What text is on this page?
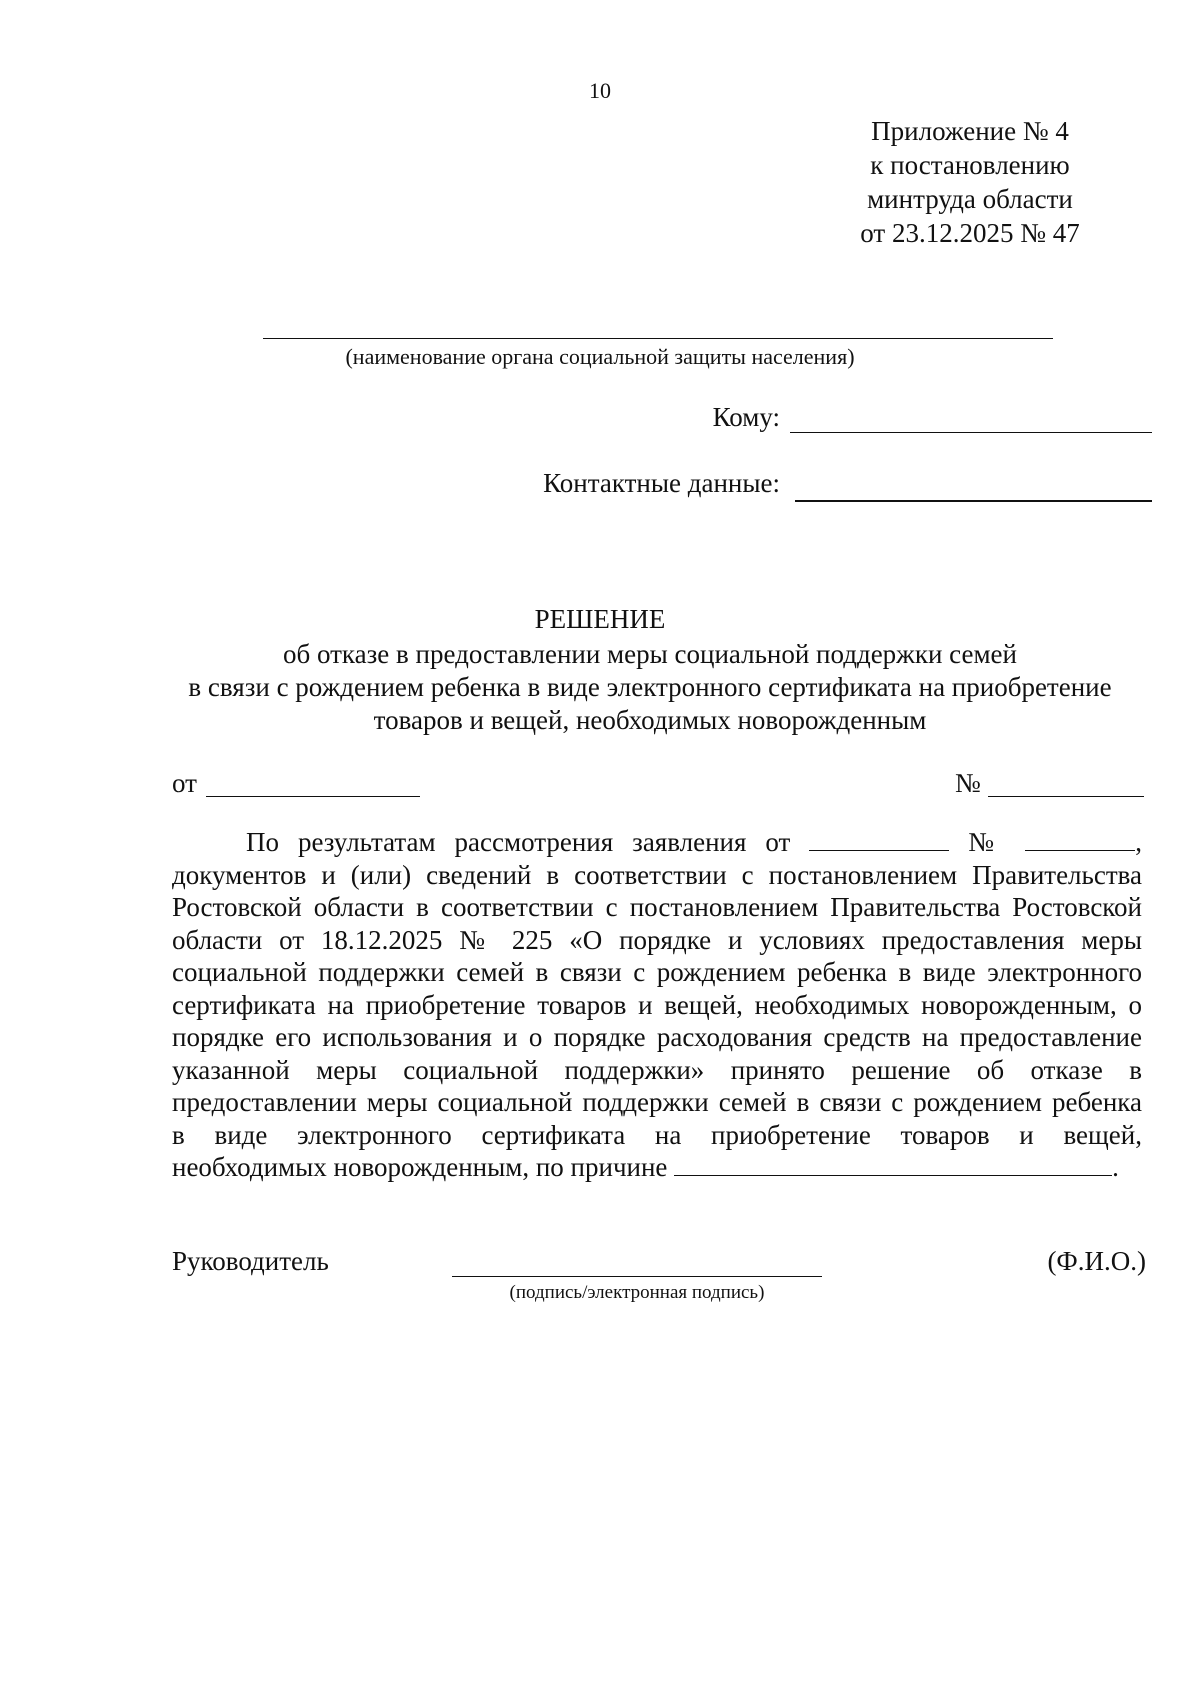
10
Приложение № 4
к постановлению
минтруда области
от 23.12.2025 № 47
(наименование органа социальной защиты населения)
Кому:
Контактные данные:
РЕШЕНИЕ
об отказе в предоставлении меры социальной поддержки семей
в связи с рождением ребенка в виде электронного сертификата на приобретение
товаров и вещей, необходимых новорожденным
от	№
По результатам рассмотрения заявления от	№	,
документов и (или) сведений в соответствии с постановлением Правительства
Ростовской области в соответствии с постановлением Правительства Ростовской
области от 18.12.2025 № 225 «О порядке и условиях предоставления меры
социальной поддержки семей в связи с рождением ребенка в виде электронного
сертификата на приобретение товаров и вещей, необходимых новорожденным, о
порядке его использования и о порядке расходования средств на предоставление
указанной меры социальной поддержки» принято решение об отказе в
предоставлении меры социальной поддержки семей в связи с рождением ребенка
в виде электронного сертификата на приобретение товаров и вещей,
необходимых новорожденным, по причине	.
Руководитель
(подпись/электронная подпись)
(Ф.И.О.)
